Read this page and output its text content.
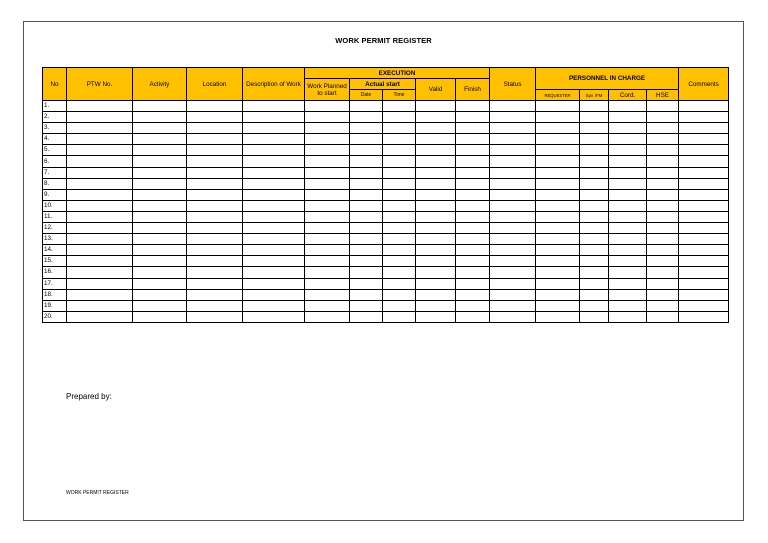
WORK PERMIT REGISTER
No	PTW No.	Activity	Location	Description of Work	EXECUTION					Status	PERSONNEL IN CHARGE				Comments
					Work Planned to start	Actual start		Valid	Finish						
						Date	Time				REQUESTER	Spv. /FM	Cord.	HSE	
1.															
2.															
3.															
4.															
5.															
6.															
7.															
8.															
9.															
10.															
11.															
12.															
13.															
14.															
15.															
16.															
17.															
18.															
19.															
20.															
Prepared by:
WORK PERMIT REGISTER
